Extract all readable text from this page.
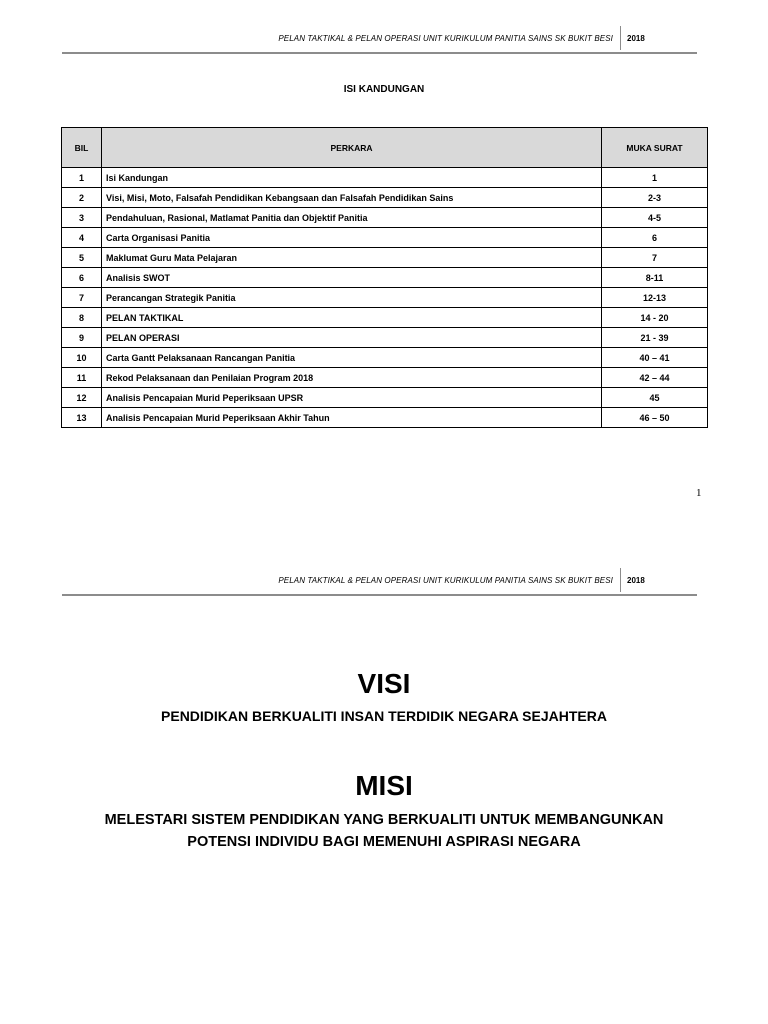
PELAN TAKTIKAL & PELAN OPERASI UNIT KURIKULUM PANITIA SAINS SK BUKIT BESI 2018
ISI KANDUNGAN
BIL	PERKARA	MUKA SURAT
1	Isi Kandungan	1
2	Visi, Misi, Moto, Falsafah Pendidikan Kebangsaan dan Falsafah Pendidikan Sains	2-3
3	Pendahuluan, Rasional, Matlamat Panitia dan Objektif Panitia	4-5
4	Carta Organisasi Panitia	6
5	Maklumat Guru Mata Pelajaran	7
6	Analisis SWOT	8-11
7	Perancangan Strategik Panitia	12-13
8	PELAN TAKTIKAL	14 - 20
9	PELAN OPERASI	21 - 39
10	Carta Gantt Pelaksanaan Rancangan Panitia	40 – 41
11	Rekod Pelaksanaan dan Penilaian Program 2018	42 – 44
12	Analisis Pencapaian Murid Peperiksaan UPSR	45
13	Analisis Pencapaian Murid Peperiksaan Akhir Tahun	46 – 50
1
PELAN TAKTIKAL & PELAN OPERASI UNIT KURIKULUM PANITIA SAINS SK BUKIT BESI 2018
VISI
PENDIDIKAN BERKUALITI INSAN TERDIDIK NEGARA SEJAHTERA
MISI
MELESTARI SISTEM PENDIDIKAN YANG BERKUALITI UNTUK MEMBANGUNKAN
POTENSI INDIVIDU BAGI MEMENUHI ASPIRASI NEGARA
